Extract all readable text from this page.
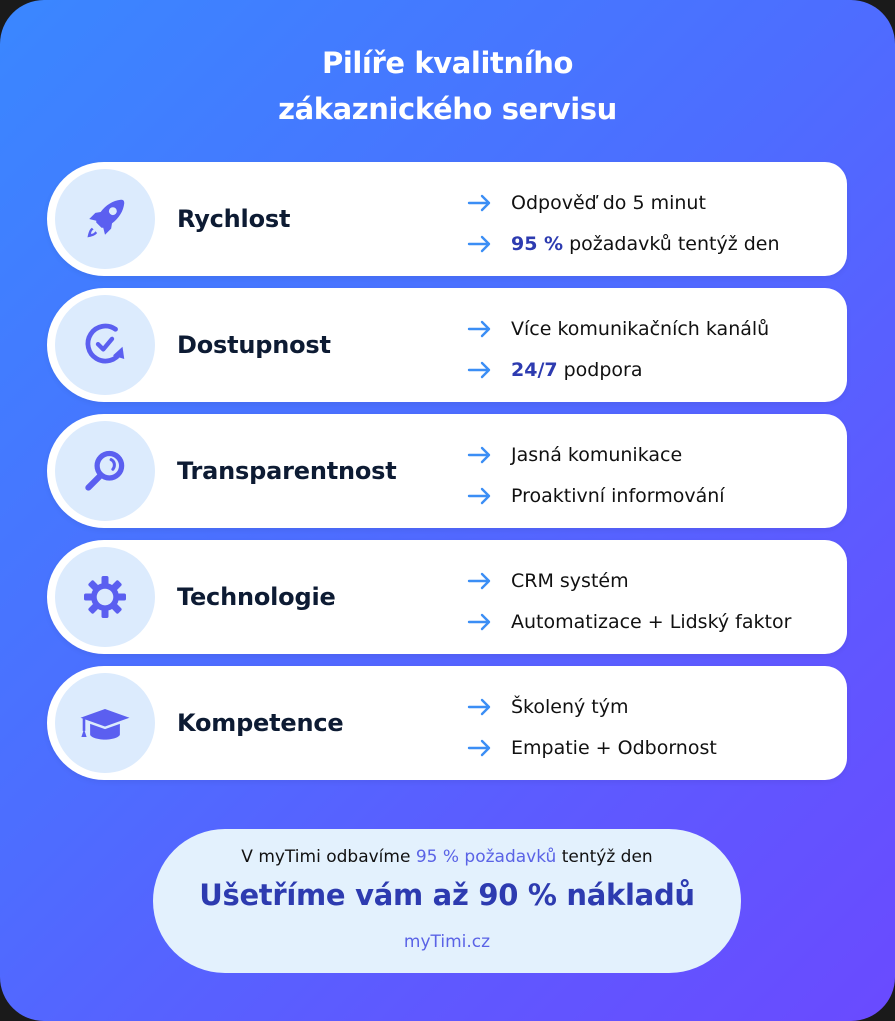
Pilíře kvalitního
zákaznického servisu
Rychlost
Odpověď do 5 minut
95 % požadavků tentýž den
Dostupnost
Více komunikačních kanálů
24/7 podpora
Transparentnost
Jasná komunikace
Proaktivní informování
Technologie
CRM systém
Automatizace + Lidský faktor
Kompetence
Školený tým
Empatie + Odbornost
V myTimi odbavíme 95 % požadavků tentýž den
Ušetříme vám až 90 % nákladů
myTimi.cz
